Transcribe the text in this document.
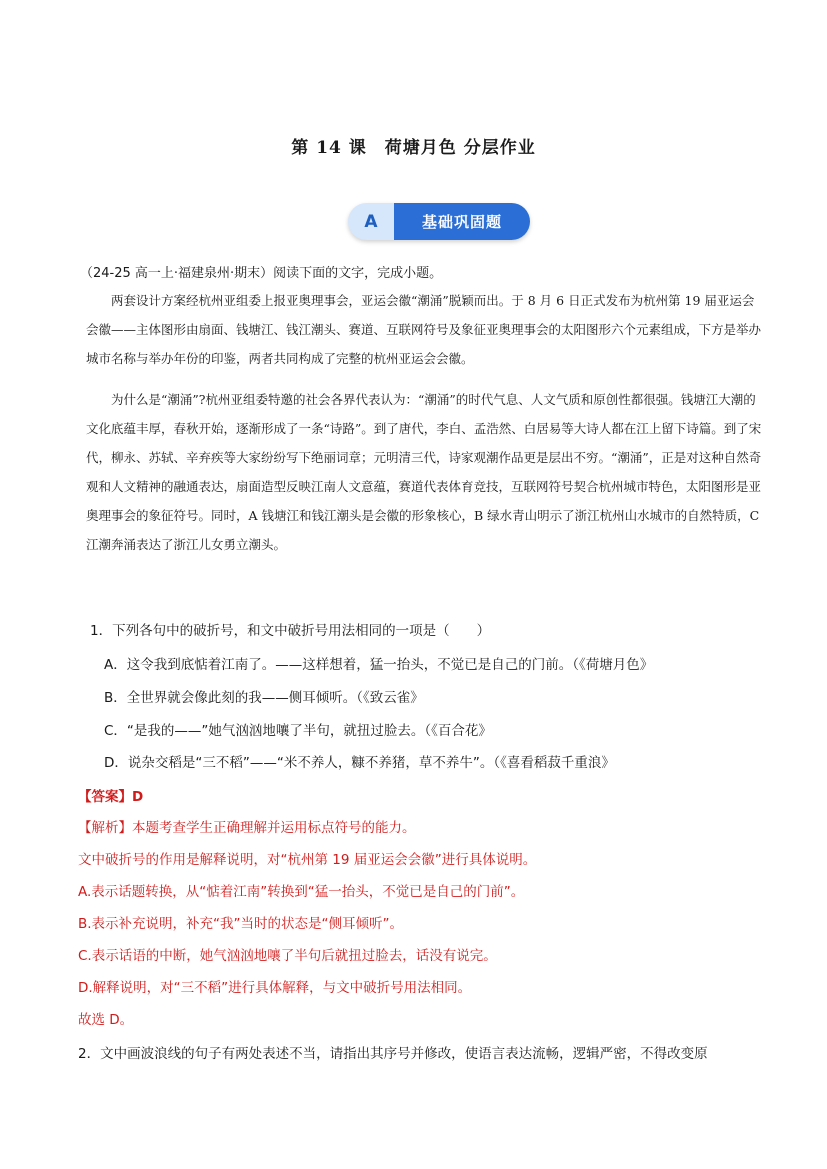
第 14 课　荷塘月色 分层作业
A	基础巩固题

（24-25 高一上·福建泉州·期末）阅读下面的文字，完成小题。

两套设计方案经杭州亚组委上报亚奥理事会，亚运会徽“潮涌”脱颖而出。于 8 月 6 日正式发布为杭州第 19 届亚运会会徽——主体图形由扇面、钱塘江、钱江潮头、赛道、互联网符号及象征亚奥理事会的太阳图形六个元素组成，下方是举办城市名称与举办年份的印鉴，两者共同构成了完整的杭州亚运会会徽。

为什么是“潮涌”?杭州亚组委特邀的社会各界代表认为：“潮涌”的时代气息、人文气质和原创性都很强。钱塘江大潮的文化底蕴丰厚，春秋开始，逐渐形成了一条“诗路”。到了唐代，李白、孟浩然、白居易等大诗人都在江上留下诗篇。到了宋代，柳永、苏轼、辛弃疾等大家纷纷写下绝丽词章；元明清三代，诗家观潮作品更是层出不穷。“潮涌”，正是对这种自然奇观和人文精神的融通表达，扇面造型反映江南人文意蕴，赛道代表体育竞技，互联网符号契合杭州城市特色，太阳图形是亚奥理事会的象征符号。同时，A 钱塘江和钱江潮头是会徽的形象核心，B 绿水青山明示了浙江杭州山水城市的自然特质，C 江潮奔涌表达了浙江儿女勇立潮头。

1．下列各句中的破折号，和文中破折号用法相同的一项是（　　）

A．这令我到底惦着江南了。——这样想着，猛一抬头，不觉已是自己的门前。（《荷塘月色》

B．全世界就会像此刻的我——侧耳倾听。（《致云雀》

C．“是我的——”她气汹汹地嚷了半句，就扭过脸去。（《百合花》

D．说杂交稻是“三不稻”——“米不养人，糠不养猪，草不养牛”。（《喜看稻菽千重浪》

【答案】D

【解析】本题考查学生正确理解并运用标点符号的能力。

文中破折号的作用是解释说明，对“杭州第 19 届亚运会会徽”进行具体说明。

A.表示话题转换，从“惦着江南”转换到“猛一抬头，不觉已是自己的门前”。

B.表示补充说明，补充“我”当时的状态是“侧耳倾听”。

C.表示话语的中断，她气汹汹地嚷了半句后就扭过脸去，话没有说完。

D.解释说明，对“三不稻”进行具体解释，与文中破折号用法相同。

故选 D。

2．文中画波浪线的句子有两处表述不当，请指出其序号并修改，使语言表达流畅，逻辑严密，不得改变原
